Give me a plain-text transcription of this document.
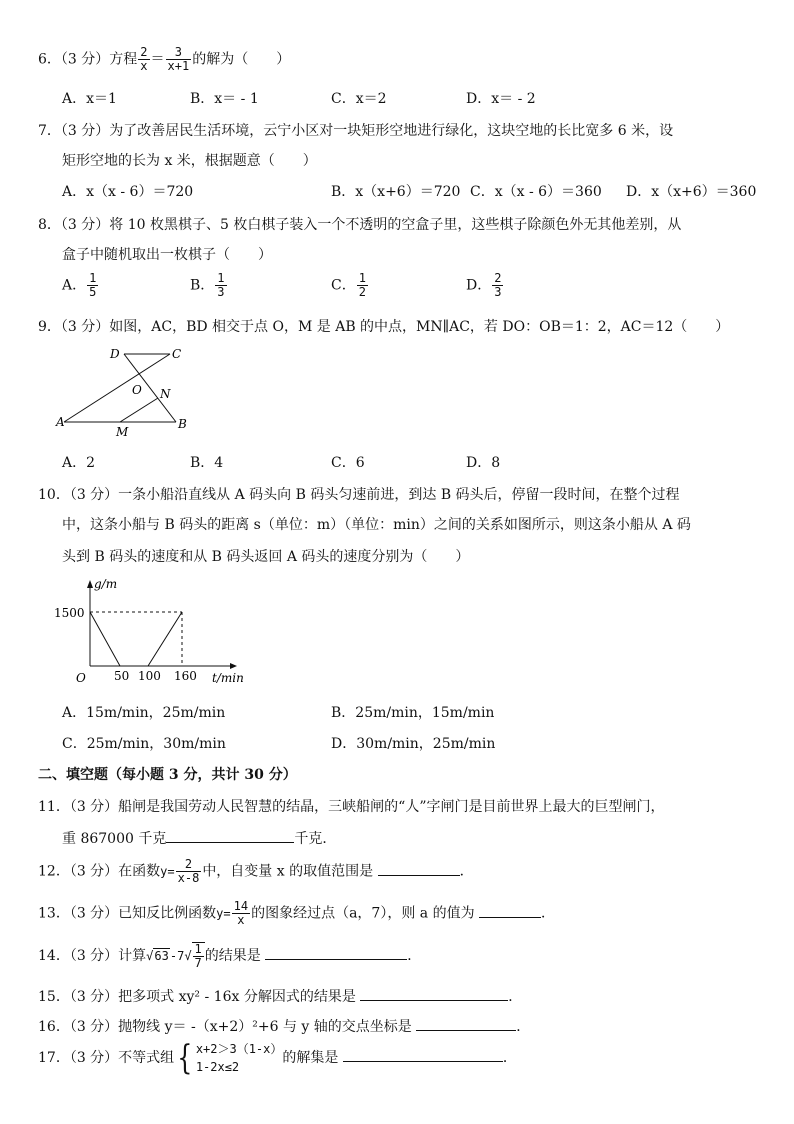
6．（3 分）方程 $\frac{2}{x} = \frac{3}{x+1}$ 的解为（　　）
A．x＝1	B．x＝ - 1	C．x＝2	D．x＝ - 2
7．（3 分）为了改善居民生活环境，云宁小区对一块矩形空地进行绿化，这块空地的长比宽多 6 米，设
矩形空地的长为 x 米，根据题意（　　）
A．x（x - 6）＝720	B．x（x+6）＝720 C．x（x - 6）＝360 D．x（x+6）＝360
8．（3 分）将 10 枚黑棋子、5 枚白棋子装入一个不透明的空盒子里，这些棋子除颜色外无其他差别，从
盒子中随机取出一枚棋子（　　）
A． $\frac{1}{5}$	B． $\frac{1}{3}$	C． $\frac{1}{2}$	D． $\frac{2}{3}$
9．（3 分）如图，AC，BD 相交于点 O，M 是 AB 的中点，MN∥AC，若 DO：OB＝1：2，AC＝12（　　）
D	C
O N
A
M
B
A．2	B．4	C．6	D．8
10．（3 分）一条小船沿直线从 A 码头向 B 码头匀速前进，到达 B 码头后，停留一段时间，在整个过程
中，这条小船与 B 码头的距离 s（单位：m）（单位：min）之间的关系如图所示，则这条小船从 A 码
头到 B 码头的速度和从 B 码头返回 A 码头的速度分别为（　　）
g/m
1500
O 50 100 160 t/min
A．15m/min，25m/min	B．25m/min，15m/min
C．25m/min，30m/min	D．30m/min，25m/min
二、填空题（每小题 3 分，共计 30 分）
11．（3 分）船闸是我国劳动人民智慧的结晶，三峡船闸的“人”字闸门是目前世界上最大的巨型闸门，
重 867000 千克	千克．
12．（3 分）在函数$y= \frac{2}{x-8}$ 中，自变量 x 的取值范围是	．
13．（3 分）已知反比例函数$y= \frac{14}{x}$ 的图象经过点（a，7），则 a 的值为	．
14．（3 分）计算$√63-7√ \frac{1}{7}$ 的结果是	．
15．（3 分）把多项式 xy² - 16x 分解因式的结果是	．
16．（3 分）抛物线 y＝ -（x+2）²+6 与 y 轴的交点坐标是	．
17．（3 分）不等式组{ x+2＞3（1-x）
1-2x≤2
的解集是	．
